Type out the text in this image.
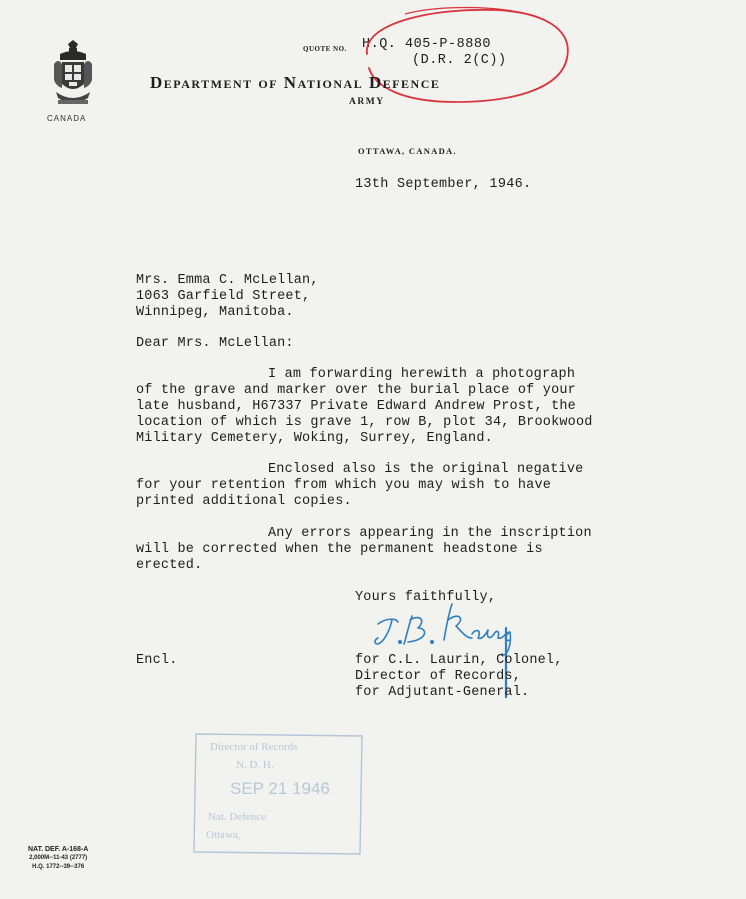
CANADA
QUOTE NO. H.Q. 405-P-8880
(D.R. 2(C))
Department of National Defence
ARMY
OTTAWA, CANADA.
13th September, 1946.
Mrs. Emma C. McLellan,
1063 Garfield Street,
Winnipeg, Manitoba.
Dear Mrs. McLellan:
I am forwarding herewith a photograph
of the grave and marker over the burial place of your
late husband, H67337 Private Edward Andrew Prost, the
location of which is grave 1, row B, plot 34, Brookwood
Military Cemetery, Woking, Surrey, England.
Enclosed also is the original negative
for your retention from which you may wish to have
printed additional copies.
Any errors appearing in the inscription
will be corrected when the permanent headstone is
erected.
Yours faithfully,
Encl.	for C.L. Laurin, Colonel,
Director of Records,
for Adjutant-General.
Director of Records
N. D. H.
SEP 21 1946
Nat. Defence
Ottawa,
NAT. DEF. A-168-A
2,000M--11-43 (2777)
H.Q. 1772--39--376
